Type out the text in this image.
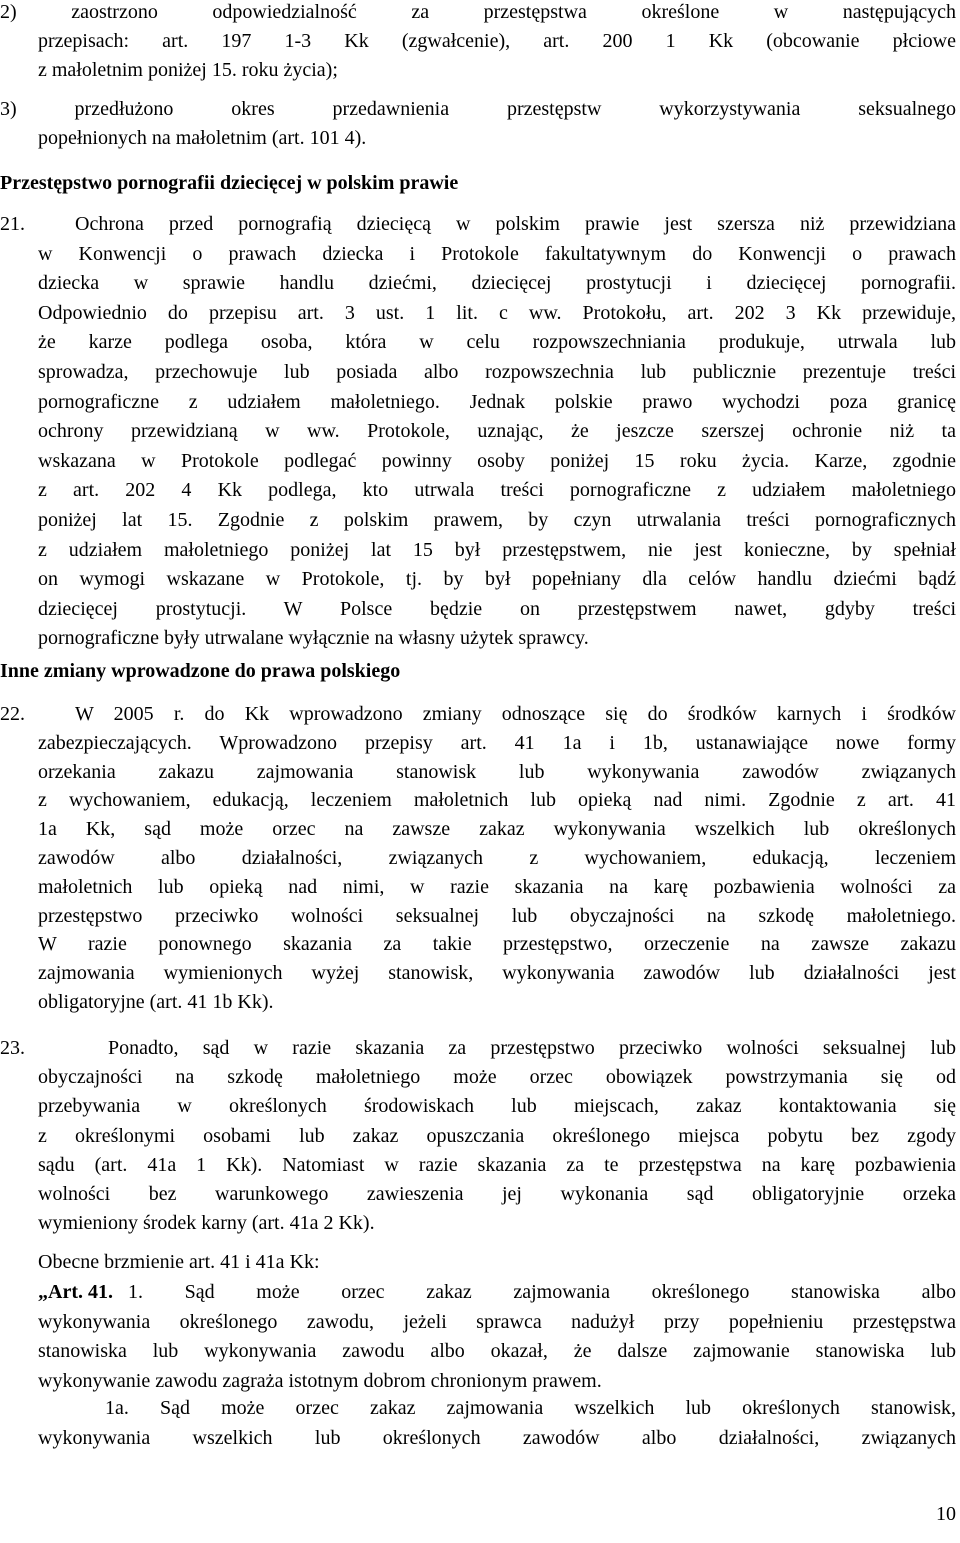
2) zaostrzono odpowiedzialność za przestępstwa określone w następujących
przepisach: art. 197 1-3 Kk (zgwałcenie), art. 200 1 Kk (obcowanie płciowe
z małoletnim poniżej 15. roku życia);
3) przedłużono okres przedawnienia przestępstw wykorzystywania seksualnego
popełnionych na małoletnim (art. 101 4).
Przestępstwo pornografii dziecięcej w polskim prawie
21.	Ochrona przed pornografią dziecięcą w polskim prawie jest szersza niż przewidziana
w Konwencji o prawach dziecka i Protokole fakultatywnym do Konwencji o prawach
dziecka w sprawie handlu dziećmi, dziecięcej prostytucji i dziecięcej pornografii.
Odpowiednio do przepisu art. 3 ust. 1 lit. c ww. Protokołu, art. 202 3 Kk przewiduje,
że karze podlega osoba, która w celu rozpowszechniania produkuje, utrwala lub
sprowadza, przechowuje lub posiada albo rozpowszechnia lub publicznie prezentuje treści
pornograficzne z udziałem małoletniego. Jednak polskie prawo wychodzi poza granicę
ochrony przewidzianą w ww. Protokole, uznając, że jeszcze szerszej ochronie niż ta
wskazana w Protokole podlegać powinny osoby poniżej 15 roku życia. Karze, zgodnie
z art. 202 4 Kk podlega, kto utrwala treści pornograficzne z udziałem małoletniego
poniżej lat 15. Zgodnie z polskim prawem, by czyn utrwalania treści pornograficznych
z udziałem małoletniego poniżej lat 15 był przestępstwem, nie jest konieczne, by spełniał
on wymogi wskazane w Protokole, tj. by był popełniany dla celów handlu dziećmi bądź
dziecięcej prostytucji. W Polsce będzie on przestępstwem nawet, gdyby treści
pornograficzne były utrwalane wyłącznie na własny użytek sprawcy.
Inne zmiany wprowadzone do prawa polskiego
22.	W 2005 r. do Kk wprowadzono zmiany odnoszące się do środków karnych i środków
zabezpieczających. Wprowadzono przepisy art. 41 1a i 1b, ustanawiające nowe formy
orzekania zakazu zajmowania stanowisk lub wykonywania zawodów związanych
z wychowaniem, edukacją, leczeniem małoletnich lub opieką nad nimi. Zgodnie z art. 41
1a Kk, sąd może orzec na zawsze zakaz wykonywania wszelkich lub określonych
zawodów albo działalności, związanych z wychowaniem, edukacją, leczeniem
małoletnich lub opieką nad nimi, w razie skazania na karę pozbawienia wolności za
przestępstwo przeciwko wolności seksualnej lub obyczajności na szkodę małoletniego.
W razie ponownego skazania za takie przestępstwo, orzeczenie na zawsze zakazu
zajmowania wymienionych wyżej stanowisk, wykonywania zawodów lub działalności jest
obligatoryjne (art. 41 1b Kk).
23.	Ponadto, sąd w razie skazania za przestępstwo przeciwko wolności seksualnej lub
obyczajności na szkodę małoletniego może orzec obowiązek powstrzymania się od
przebywania w określonych środowiskach lub miejscach, zakaz kontaktowania się
z określonymi osobami lub zakaz opuszczania określonego miejsca pobytu bez zgody
sądu (art. 41a 1 Kk). Natomiast w razie skazania za te przestępstwa na karę pozbawienia
wolności bez warunkowego zawieszenia jej wykonania sąd obligatoryjnie orzeka
wymieniony środek karny (art. 41a 2 Kk).
Obecne brzmienie art. 41 i 41a Kk:
„Art. 41. 1. Sąd może orzec zakaz zajmowania określonego stanowiska albo
wykonywania określonego zawodu, jeżeli sprawca nadużył przy popełnieniu przestępstwa
stanowiska lub wykonywania zawodu albo okazał, że dalsze zajmowanie stanowiska lub
wykonywanie zawodu zagraża istotnym dobrom chronionym prawem.
1a. Sąd może orzec zakaz zajmowania wszelkich lub określonych stanowisk,
wykonywania wszelkich lub określonych zawodów albo działalności, związanych
10
